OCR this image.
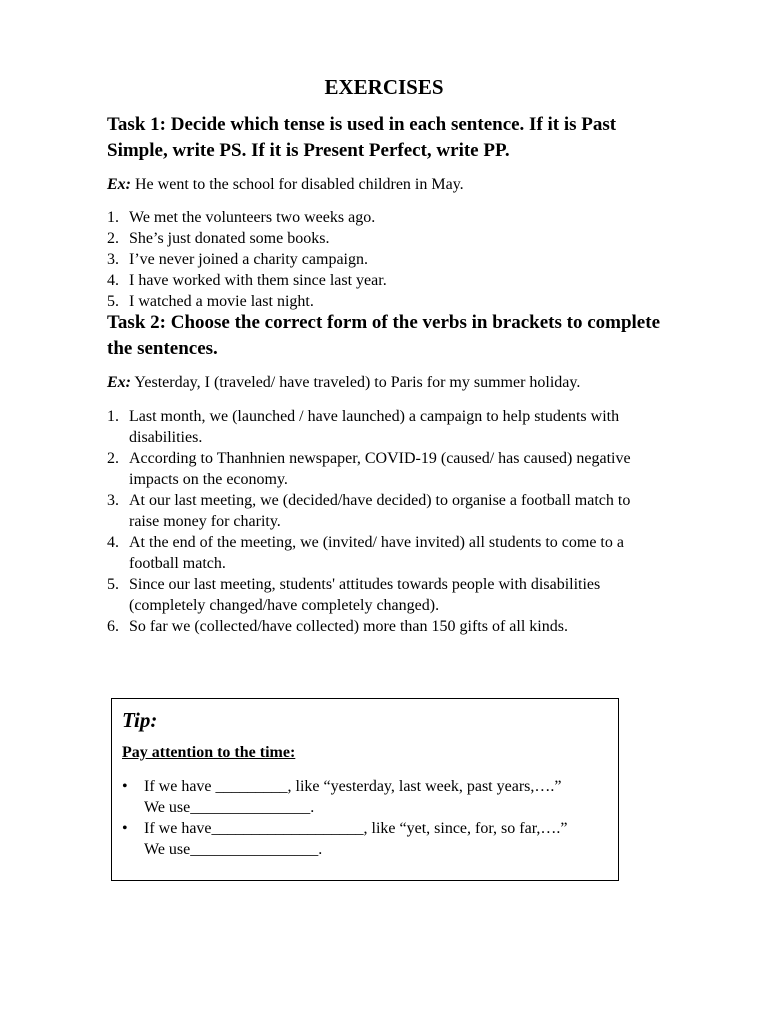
EXERCISES
Task 1: Decide which tense is used in each sentence. If it is Past
Simple, write PS. If it is Present Perfect, write PP.
Ex: He went to the school for disabled children in May.
1. We met the volunteers two weeks ago.
2. She’s just donated some books.
3. I’ve never joined a charity campaign.
4. I have worked with them since last year.
5. I watched a movie last night.
Task 2: Choose the correct form of the verbs in brackets to complete
the sentences.
Ex: Yesterday, I (traveled/ have traveled) to Paris for my summer holiday.
1. Last month, we (launched / have launched) a campaign to help students with
disabilities.
2. According to Thanhnien newspaper, COVID-19 (caused/ has caused) negative
impacts on the economy.
3. At our last meeting, we (decided/have decided) to organise a football match to
raise money for charity.
4. At the end of the meeting, we (invited/ have invited) all students to come to a
football match.
5. Since our last meeting, students' attitudes towards people with disabilities
(completely changed/have completely changed).
6. So far we (collected/have collected) more than 150 gifts of all kinds.
Tip:
Pay attention to the time:
• If we have _________, like “yesterday, last week, past years,….”
We use_______________.
• If we have___________________, like “yet, since, for, so far,….”
We use________________.
